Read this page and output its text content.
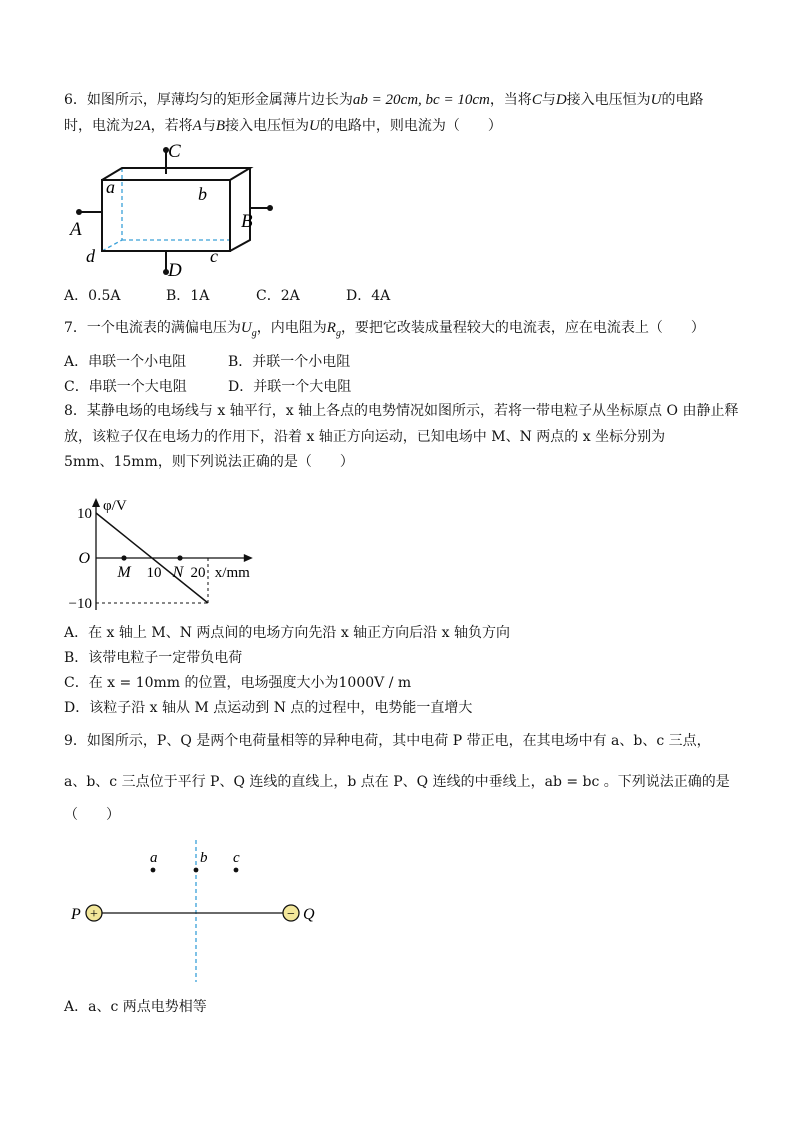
6．如图所示，厚薄均匀的矩形金属薄片边长为ab = 20cm, bc = 10cm，当将C与D接入电压恒为U的电路
时，电流为2A，若将A与B接入电压恒为U的电路中，则电流为（　　）
C
D
A	B
a	b
c
d
A．0.5A	B．1A	C．2A	D．4A
7．一个电流表的满偏电压为$U_g$，内电阻为$R_g$，要把它改装成量程较大的电流表，应在电流表上（　　）
A．串联一个小电阻	B．并联一个小电阻
C．串联一个大电阻	D．并联一个大电阻
8．某静电场的电场线与 x 轴平行，x 轴上各点的电势情况如图所示，若将一带电粒子从坐标原点 O 由静止释
放，该粒子仅在电场力的作用下，沿着 x 轴正方向运动，已知电场中 M、N 两点的 x 坐标分别为
5mm、15mm，则下列说法正确的是（　　）
φ/V
x/mm
10
−10
O
M	N
10 20
A．在 x 轴上 M、N 两点间的电场方向先沿 x 轴正方向后沿 x 轴负方向
B．该带电粒子一定带负电荷
C．在 x = 10mm 的位置，电场强度大小为1000V / m
D．该粒子沿 x 轴从 M 点运动到 N 点的过程中，电势能一直增大
9．如图所示，P、Q 是两个电荷量相等的异种电荷，其中电荷 P 带正电，在其电场中有 a、b、c 三点，
a、b、c 三点位于平行 P、Q 连线的直线上，b 点在 P、Q 连线的中垂线上，ab = bc 。下列说法正确的是
（　　）
+	−
P	Q
a	b c
A．a、c 两点电势相等
